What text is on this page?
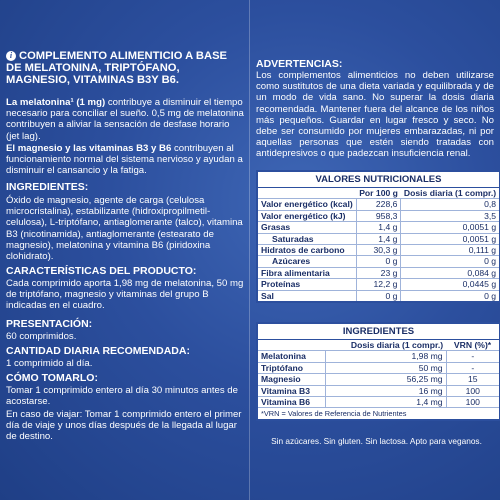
i COMPLEMENTO ALIMENTICIO A BASE DE MELATONINA, TRIPTÓFANO, MAGNESIO, VITAMINAS B3Y B6.

La melatonina¹ (1 mg) contribuye a disminuir el tiempo necesario para conciliar el sueño. 0,5 mg de melatonina contribuyen a aliviar la sensación de desfase horario (jet lag).

El magnesio y las vitaminas B3 y B6 contribuyen al funcionamiento normal del sistema nervioso y ayudan a disminuir el cansancio y la fatiga.

INGREDIENTES:

Óxido de magnesio, agente de carga (celulosa microcristalina), estabilizante (hidroxipropilmetil-celulosa), L-triptófano, antiaglomerante (talco), vitamina B3 (nicotinamida), antiaglomerante (estearato de magnesio), melatonina y vitamina B6 (piridoxina clohidrato).

CARACTERÍSTICAS DEL PRODUCTO:

Cada comprimido aporta 1,98 mg de melatonina, 50 mg de triptófano, magnesio y vitaminas del grupo B indicadas en el cuadro.

PRESENTACIÓN:

60 comprimidos.

CANTIDAD DIARIA RECOMENDADA:

1 comprimido al día.

CÓMO TOMARLO:

Tomar 1 comprimido entero al día 30 minutos antes de acostarse.

En caso de viajar: Tomar 1 comprimido entero el primer día de viaje y unos días después de la llegada al lugar de destino.

ADVERTENCIAS:

Los complementos alimenticios no deben utilizarse como sustitutos de una dieta variada y equilibrada y de un modo de vida sano. No superar la dosis diaria recomendada. Mantener fuera del alcance de los niños más pequeños. Guardar en lugar fresco y seco. No debe ser consumido por mujeres embarazadas, ni por aquellas personas que estén siendo tratadas con antidepresivos o que padezcan insuficiencia renal.

VALORES NUTRICIONALES
	Por 100 g	Dosis diaria (1 compr.)
Valor energético (kcal)	228,6	0,8
Valor energético (kJ)	958,3	3,5
Grasas	1,4 g	0,0051 g
Saturadas	1,4 g	0,0051 g
Hidratos de carbono	30,3 g	0,111 g
Azúcares	0 g	0 g
Fibra alimentaria	23 g	0,084 g
Proteínas	12,2 g	0,0445 g
Sal	0 g	0 g
INGREDIENTES
	Dosis diaria (1 compr.)	VRN (%)*
Melatonina	1,98 mg	-
Triptófano	50 mg	-
Magnesio	56,25 mg	15
Vitamina B3	16 mg	100
Vitamina B6	1,4 mg	100
*VRN = Valores de Referencia de Nutrientes

Sin azúcares. Sin gluten. Sin lactosa. Apto para veganos.
